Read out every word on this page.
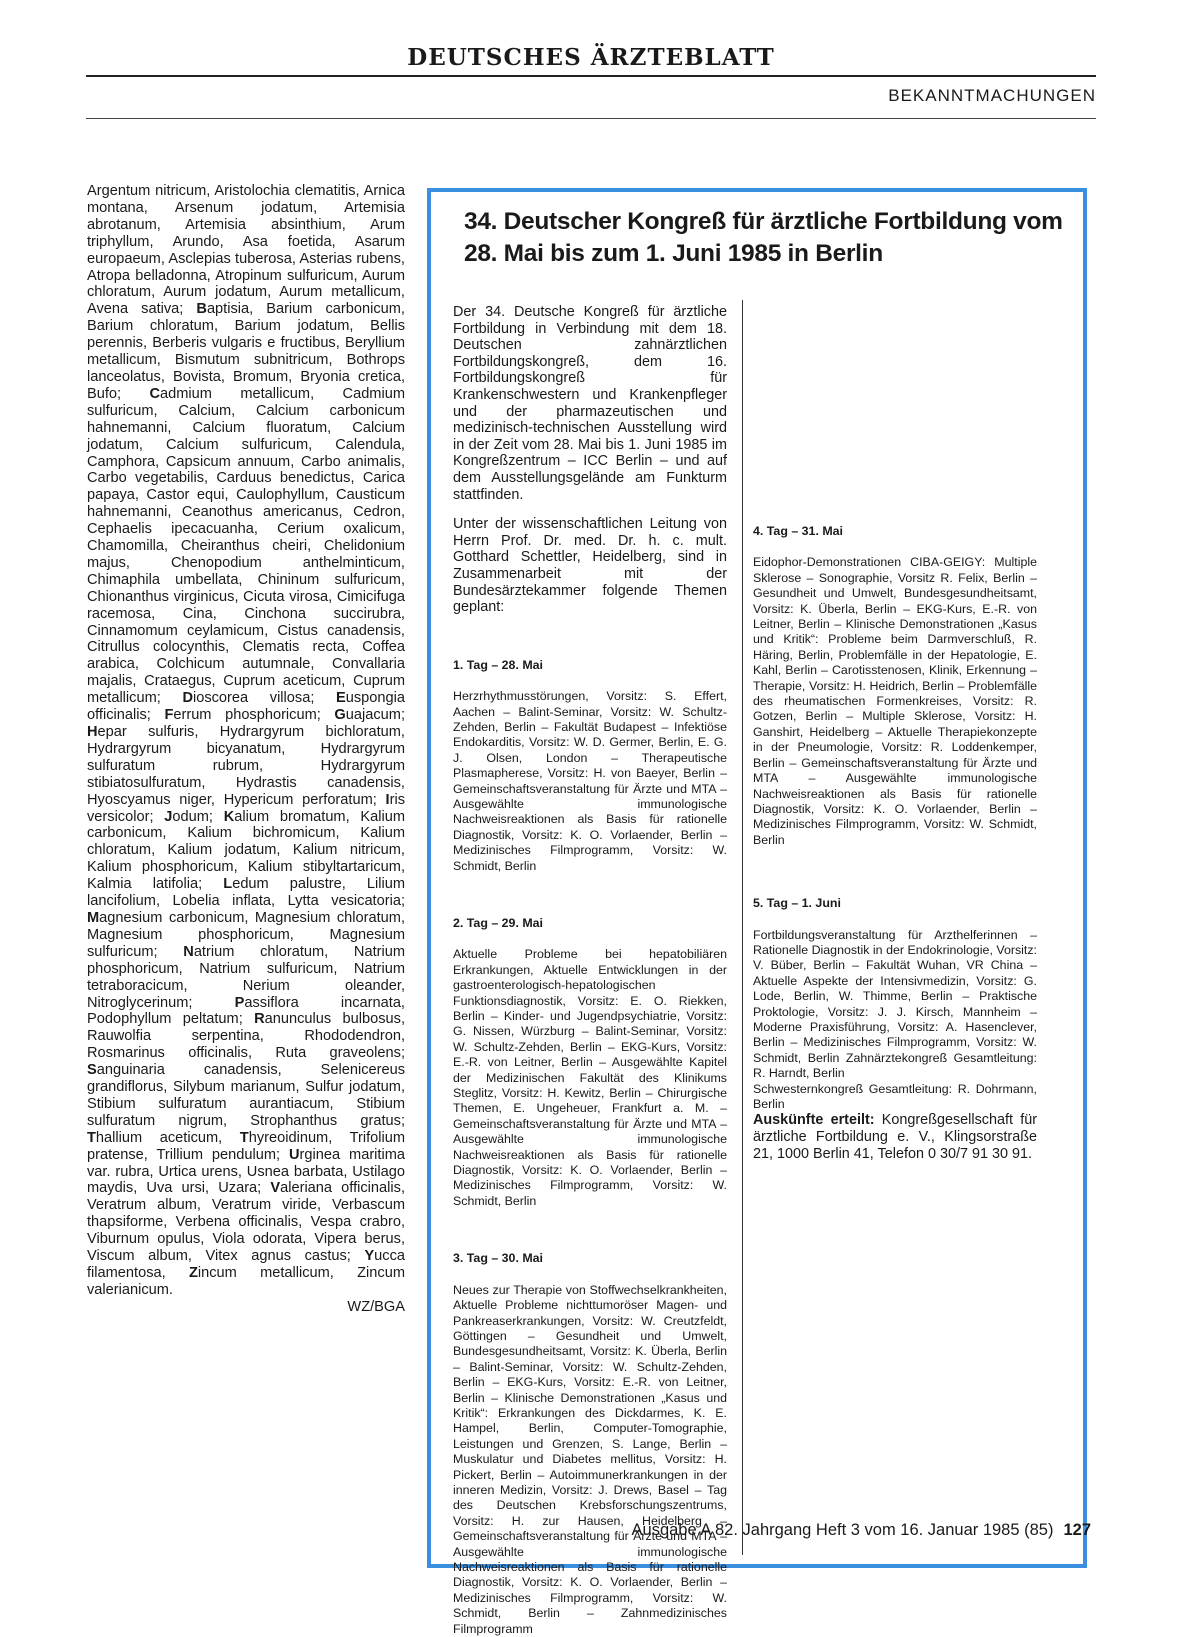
DEUTSCHES ÄRZTEBLATT
BEKANNTMACHUNGEN
Argentum nitricum, Aristolochia clematitis, Arnica montana, Arsenum jodatum, Artemisia abrotanum, Artemisia absinthium, Arum triphyllum, Arundo, Asa foetida, Asarum europaeum, Asclepias tuberosa, Asterias rubens, Atropa belladonna, Atropinum sulfuricum, Aurum chloratum, Aurum jodatum, Aurum metallicum, Avena sativa; Baptisia, Barium carbonicum, Barium chloratum, Barium jodatum, Bellis perennis, Berberis vulgaris e fructibus, Beryllium metallicum, Bismutum subnitricum, Bothrops lanceolatus, Bovista, Bromum, Bryonia cretica, Bufo; Cadmium metallicum, Cadmium sulfuricum, Calcium, Calcium carbonicum hahnemanni, Calcium fluoratum, Calcium jodatum, Calcium sulfuricum, Calendula, Camphora, Capsicum annuum, Carbo animalis, Carbo vegetabilis, Carduus benedictus, Carica papaya, Castor equi, Caulophyllum, Causticum hahnemanni, Ceanothus americanus, Cedron, Cephaelis ipecacuanha, Cerium oxalicum, Chamomilla, Cheiranthus cheiri, Chelidonium majus, Chenopodium anthelminticum, Chimaphila umbellata, Chininum sulfuricum, Chionanthus virginicus, Cicuta virosa, Cimicifuga racemosa, Cina, Cinchona succirubra, Cinnamomum ceylamicum, Cistus canadensis, Citrullus colocynthis, Clematis recta, Coffea arabica, Colchicum autumnale, Convallaria majalis, Crataegus, Cuprum aceticum, Cuprum metallicum; Dioscorea villosa; Euspongia officinalis; Ferrum phosphoricum; Guajacum; Hepar sulfuris, Hydrargyrum bichloratum, Hydrargyrum bicyanatum, Hydrargyrum sulfuratum rubrum, Hydrargyrum stibiatosulfuratum, Hydrastis canadensis, Hyoscyamus niger, Hypericum perforatum; Iris versicolor; Jodum; Kalium bromatum, Kalium carbonicum, Kalium bichromicum, Kalium chloratum, Kalium jodatum, Kalium nitricum, Kalium phosphoricum, Kalium stibyltartaricum, Kalmia latifolia; Ledum palustre, Lilium lancifolium, Lobelia inflata, Lytta vesicatoria; Magnesium carbonicum, Magnesium chloratum, Magnesium phosphoricum, Magnesium sulfuricum; Natrium chloratum, Natrium phosphoricum, Natrium sulfuricum, Natrium tetraboracicum, Nerium oleander, Nitroglycerinum; Passiflora incarnata, Podophyllum peltatum; Ranunculus bulbosus, Rauwolfia serpentina, Rhododendron, Rosmarinus officinalis, Ruta graveolens; Sanguinaria canadensis, Selenicereus grandiflorus, Silybum marianum, Sulfur jodatum, Stibium sulfuratum aurantiacum, Stibium sulfuratum nigrum, Strophanthus gratus; Thallium aceticum, Thyreoidinum, Trifolium pratense, Trillium pendulum; Urginea maritima var. rubra, Urtica urens, Usnea barbata, Ustilago maydis, Uva ursi, Uzara; Valeriana officinalis, Veratrum album, Veratrum viride, Verbascum thapsiforme, Verbena officinalis, Vespa crabro, Viburnum opulus, Viola odorata, Vipera berus, Viscum album, Vitex agnus castus; Yucca filamentosa, Zincum metallicum, Zincum valerianicum.
WZ/BGA
34. Deutscher Kongreß für ärztliche Fortbildung vom 28. Mai bis zum 1. Juni 1985 in Berlin

Der 34. Deutsche Kongreß für ärztliche Fortbildung in Verbindung mit dem 18. Deutschen zahnärztlichen Fortbildungskongreß, dem 16. Fortbildungskongreß für Krankenschwestern und Krankenpfleger und der pharmazeutischen und medizinisch-technischen Ausstellung wird in der Zeit vom 28. Mai bis 1. Juni 1985 im Kongreßzentrum – ICC Berlin – und auf dem Ausstellungsgelände am Funkturm stattfinden.

Unter der wissenschaftlichen Leitung von Herrn Prof. Dr. med. Dr. h. c. mult. Gotthard Schettler, Heidelberg, sind in Zusammenarbeit mit der Bundesärztekammer folgende Themen geplant:

1. Tag – 28. Mai

Herzrhythmusstörungen, Vorsitz: S. Effert, Aachen – Balint-Seminar, Vorsitz: W. Schultz-Zehden, Berlin – Fakultät Budapest – Infektiöse Endokarditis, Vorsitz: W. D. Germer, Berlin, E. G. J. Olsen, London – Therapeutische Plasmapherese, Vorsitz: H. von Baeyer, Berlin – Gemeinschaftsveranstaltung für Ärzte und MTA – Ausgewählte immunologische Nachweisreaktionen als Basis für rationelle Diagnostik, Vorsitz: K. O. Vorlaender, Berlin – Medizinisches Filmprogramm, Vorsitz: W. Schmidt, Berlin

2. Tag – 29. Mai

Aktuelle Probleme bei hepatobiliären Erkrankungen, Aktuelle Entwicklungen in der gastroenterologisch-hepatologischen Funktionsdiagnostik, Vorsitz: E. O. Riekken, Berlin – Kinder- und Jugendpsychiatrie, Vorsitz: G. Nissen, Würzburg – Balint-Seminar, Vorsitz: W. Schultz-Zehden, Berlin – EKG-Kurs, Vorsitz: E.-R. von Leitner, Berlin – Ausgewählte Kapitel der Medizinischen Fakultät des Klinikums Steglitz, Vorsitz: H. Kewitz, Berlin – Chirurgische Themen, E. Ungeheuer, Frankfurt a. M. – Gemeinschaftsveranstaltung für Ärzte und MTA – Ausgewählte immunologische Nachweisreaktionen als Basis für rationelle Diagnostik, Vorsitz: K. O. Vorlaender, Berlin – Medizinisches Filmprogramm, Vorsitz: W. Schmidt, Berlin

3. Tag – 30. Mai

Neues zur Therapie von Stoffwechselkrankheiten, Aktuelle Probleme nichttumoröser Magen- und Pankreaserkrankungen, Vorsitz: W. Creutzfeldt, Göttingen – Gesundheit und Umwelt, Bundesgesundheitsamt, Vorsitz: K. Überla, Berlin – Balint-Seminar, Vorsitz: W. Schultz-Zehden, Berlin – EKG-Kurs, Vorsitz: E.-R. von Leitner, Berlin – Klinische Demonstrationen „Kasus und Kritik“: Erkrankungen des Dickdarmes, K. E. Hampel, Berlin, Computer-Tomographie, Leistungen und Grenzen, S. Lange, Berlin – Muskulatur und Diabetes mellitus, Vorsitz: H. Pickert, Berlin – Autoimmunerkrankungen in der inneren Medizin, Vorsitz: J. Drews, Basel – Tag des Deutschen Krebsforschungszentrums, Vorsitz: H. zur Hausen, Heidelberg – Gemeinschaftsveranstaltung für Ärzte und MTA – Ausgewählte immunologische Nachweisreaktionen als Basis für rationelle Diagnostik, Vorsitz: K. O. Vorlaender, Berlin – Medizinisches Filmprogramm, Vorsitz: W. Schmidt, Berlin – Zahnmedizinisches Filmprogramm

4. Tag – 31. Mai

Eidophor-Demonstrationen CIBA-GEIGY: Multiple Sklerose – Sonographie, Vorsitz R. Felix, Berlin – Gesundheit und Umwelt, Bundesgesundheitsamt, Vorsitz: K. Überla, Berlin – EKG-Kurs, E.-R. von Leitner, Berlin – Klinische Demonstrationen „Kasus und Kritik“: Probleme beim Darmverschluß, R. Häring, Berlin, Problemfälle in der Hepatologie, E. Kahl, Berlin – Carotisstenosen, Klinik, Erkennung – Therapie, Vorsitz: H. Heidrich, Berlin – Problemfälle des rheumatischen Formenkreises, Vorsitz: R. Gotzen, Berlin – Multiple Sklerose, Vorsitz: H. Ganshirt, Heidelberg – Aktuelle Therapiekonzepte in der Pneumologie, Vorsitz: R. Loddenkemper, Berlin – Gemeinschaftsveranstaltung für Ärzte und MTA – Ausgewählte immunologische Nachweisreaktionen als Basis für rationelle Diagnostik, Vorsitz: K. O. Vorlaender, Berlin – Medizinisches Filmprogramm, Vorsitz: W. Schmidt, Berlin

5. Tag – 1. Juni

Fortbildungsveranstaltung für Arzthelferinnen – Rationelle Diagnostik in der Endokrinologie, Vorsitz: V. Büber, Berlin – Fakultät Wuhan, VR China – Aktuelle Aspekte der Intensivmedizin, Vorsitz: G. Lode, Berlin, W. Thimme, Berlin – Praktische Proktologie, Vorsitz: J. J. Kirsch, Mannheim – Moderne Praxisführung, Vorsitz: A. Hasenclever, Berlin – Medizinisches Filmprogramm, Vorsitz: W. Schmidt, Berlin Zahnärztekongreß Gesamtleitung: R. Harndt, Berlin

Schwesternkongreß Gesamtleitung: R. Dohrmann, Berlin

Auskünfte erteilt: Kongreßgesellschaft für ärztliche Fortbildung e. V., Klingsorstraße 21, 1000 Berlin 41, Telefon 0 30/7 91 30 91.

Ausgabe A 82. Jahrgang Heft 3 vom 16. Januar 1985 (85) 127
